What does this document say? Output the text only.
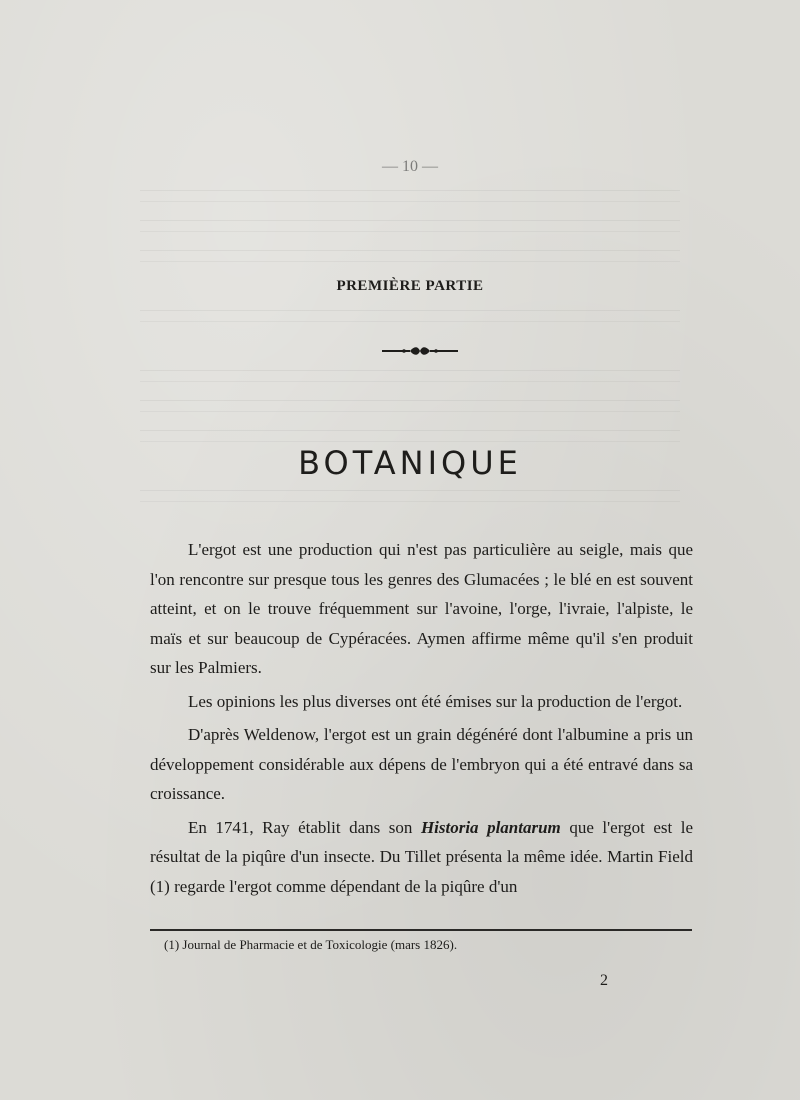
— 10 —
PREMIÈRE PARTIE
BOTANIQUE

L'ergot est une production qui n'est pas particulière au seigle, mais que l'on rencontre sur presque tous les genres des Glumacées ; le blé en est souvent atteint, et on le trouve fréquemment sur l'avoine, l'orge, l'ivraie, l'alpiste, le maïs et sur beaucoup de Cypéracées. Aymen affirme même qu'il s'en produit sur les Palmiers.

Les opinions les plus diverses ont été émises sur la production de l'ergot.

D'après Weldenow, l'ergot est un grain dégénéré dont l'albumine a pris un développement considérable aux dépens de l'embryon qui a été entravé dans sa croissance.

En 1741, Ray établit dans son Historia plantarum que l'ergot est le résultat de la piqûre d'un insecte. Du Tillet présenta la même idée. Martin Field (1) regarde l'ergot comme dépendant de la piqûre d'un

(1) Journal de Pharmacie et de Toxicologie (mars 1826).
2
